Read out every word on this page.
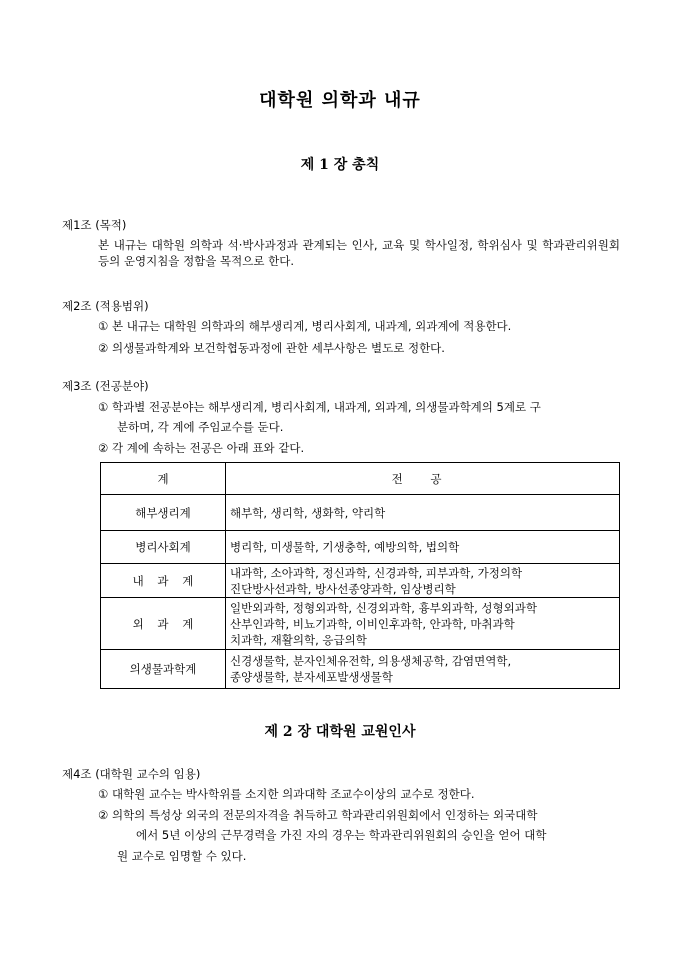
대학원 의학과 내규
제 1 장 총칙
제1조 (목적)
본 내규는 대학원 의학과 석·박사과정과 관계되는 인사, 교육 및 학사일정, 학위심사 및 학과관리위원회 등의 운영지침을 정함을 목적으로 한다.
제2조 (적용범위)
① 본 내규는 대학원 의학과의 해부생리계, 병리사회계, 내과계, 외과계에 적용한다.
② 의생물과학계와 보건학협동과정에 관한 세부사항은 별도로 정한다.
제3조 (전공분야)
① 학과별 전공분야는 해부생리계, 병리사회계, 내과계, 외과계, 의생물과학계의 5계로 구
분하며, 각 계에 주임교수를 둔다.
② 각 계에 속하는 전공은 아래 표와 같다.
계	전 공
해부생리계	해부학, 생리학, 생화학, 약리학
병리사회계	병리학, 미생물학, 기생충학, 예방의학, 법의학
내 과 계	내과학, 소아과학, 정신과학, 신경과학, 피부과학, 가정의학
진단방사선과학, 방사선종양과학, 임상병리학

외 과 계	일반외과학, 정형외과학, 신경외과학, 흉부외과학, 성형외과학
산부인과학, 비뇨기과학, 이비인후과학, 안과학, 마취과학
치과학, 재활의학, 응급의학

의생물과학계	신경생물학, 분자인체유전학, 의용생체공학, 감염면역학,
종양생물학, 분자세포발생생물학
제 2 장 대학원 교원인사
제4조 (대학원 교수의 임용)
① 대학원 교수는 박사학위를 소지한 의과대학 조교수이상의 교수로 정한다.
② 의학의 특성상 외국의 전문의자격을 취득하고 학과관리위원회에서 인정하는 외국대학
에서 5년 이상의 근무경력을 가진 자의 경우는 학과관리위원회의 승인을 얻어 대학
원 교수로 임명할 수 있다.
